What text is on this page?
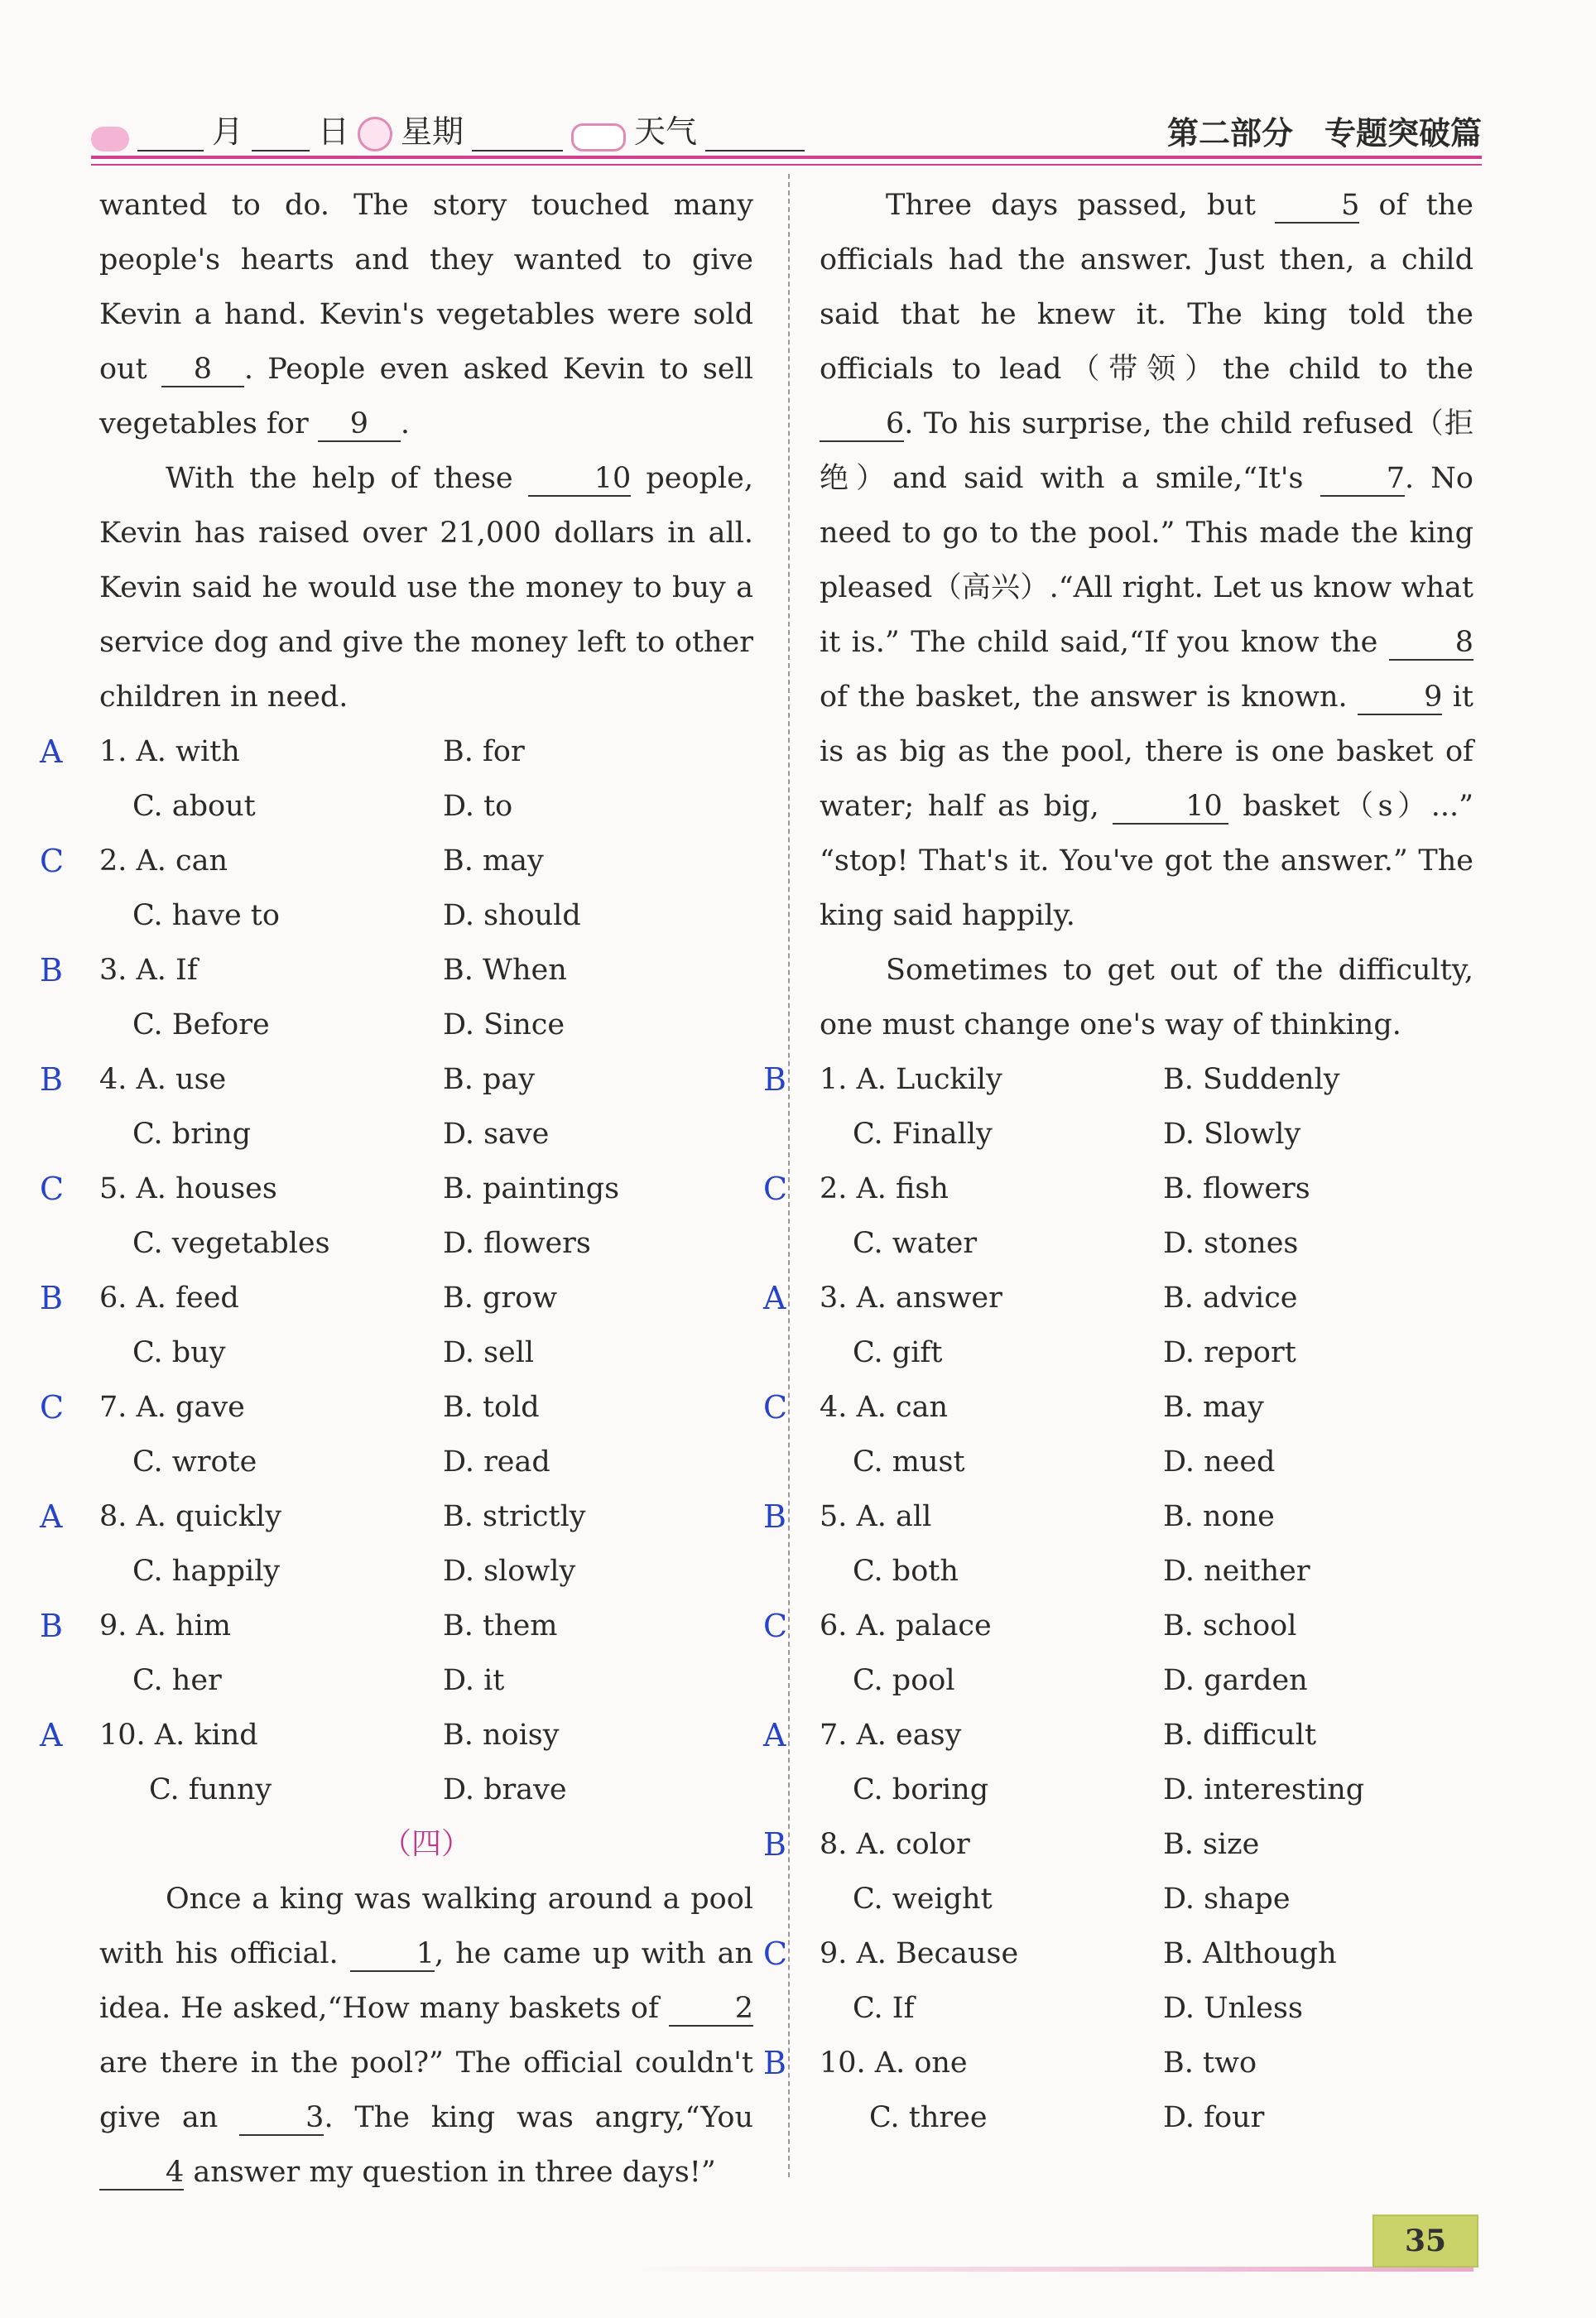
月 日 星期	天气	第二部分　专题突破篇
wanted to do. The story touched many people's hearts and they wanted to give Kevin a hand. Kevin's vegetables were sold out 8 . People even asked Kevin to sell vegetables for 9 .
With the help of these	10 people, Kevin has raised over 21,000 dollars in all. Kevin said he would use the money to buy a service dog and give the money left to other children in need.
A 1. A. with	B. for
C. about	D. to
C 2. A. can	B. may
C. have to	D. should
B 3. A. If	B. When
C. Before	D. Since
B 4. A. use	B. pay
C. bring	D. save
C 5. A. houses	B. paintings
C. vegetables	D. flowers
B 6. A. feed	B. grow
C. buy	D. sell
C 7. A. gave	B. told
C. wrote	D. read
A 8. A. quickly	B. strictly
C. happily	D. slowly
B 9. A. him	B. them
C. her	D. it
A 10. A. kind	B. noisy
C. funny	D. brave
（四）
Once a king was walking around a pool with his official.	1, he came up with an idea. He asked,“How many baskets of	2 are there in the pool?” The official couldn't give an	3. The king was angry,“You 4 answer my question in three days!”
Three days passed, but	5 of the officials had the answer. Just then, a child said that he knew it. The king told the officials to lead（带领）the child to the 6. To his surprise, the child refused（拒绝）and said with a smile,“It's	7. No need to go to the pool.” This made the king pleased（高兴）.“All right. Let us know what it is.” The child said,“If you know the	8 of the basket, the answer is known.	9 it is as big as the pool, there is one basket of water; half as big,	10 basket（s）...” “stop! That's it. You've got the answer.” The king said happily.
Sometimes to get out of the difficulty, one must change one's way of thinking.
B 1. A. Luckily	B. Suddenly
C. Finally	D. Slowly
C 2. A. fish	B. flowers
C. water	D. stones
A 3. A. answer	B. advice
C. gift	D. report
C 4. A. can	B. may
C. must	D. need
B 5. A. all	B. none
C. both	D. neither
C 6. A. palace	B. school
C. pool	D. garden
A 7. A. easy	B. difficult
C. boring	D. interesting
B 8. A. color	B. size
C. weight	D. shape
C 9. A. Because	B. Although
C. If	D. Unless
B 10. A. one	B. two
C. three	D. four
35
